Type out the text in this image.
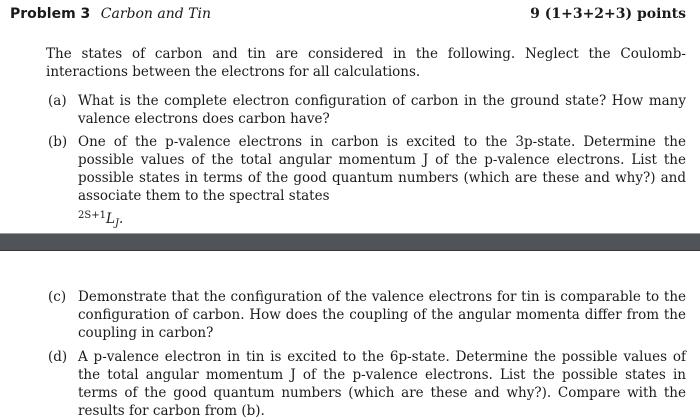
Problem 3 Carbon and Tin	9 (1+3+2+3) points
The states of carbon and tin are considered in the following. Neglect the Coulomb-interactions between the electrons for all calculations.
(a) What is the complete electron configuration of carbon in the ground state? How many valence electrons does carbon have?
(b) One of the p-valence electrons in carbon is excited to the 3p-state. Determine the possible values of the total angular momentum J of the p-valence electrons. List the possible states in terms of the good quantum numbers (which are these and why?) and associate them to the spectral states
$^{2S+1}L_J$.
(c) Demonstrate that the configuration of the valence electrons for tin is comparable to the configuration of carbon. How does the coupling of the angular momenta differ from the coupling in carbon?
(d) A p-valence electron in tin is excited to the 6p-state. Determine the possible values of the total angular momentum J of the p-valence electrons. List the possible states in terms of the good quantum numbers (which are these and why?). Compare with the results for carbon from (b).
